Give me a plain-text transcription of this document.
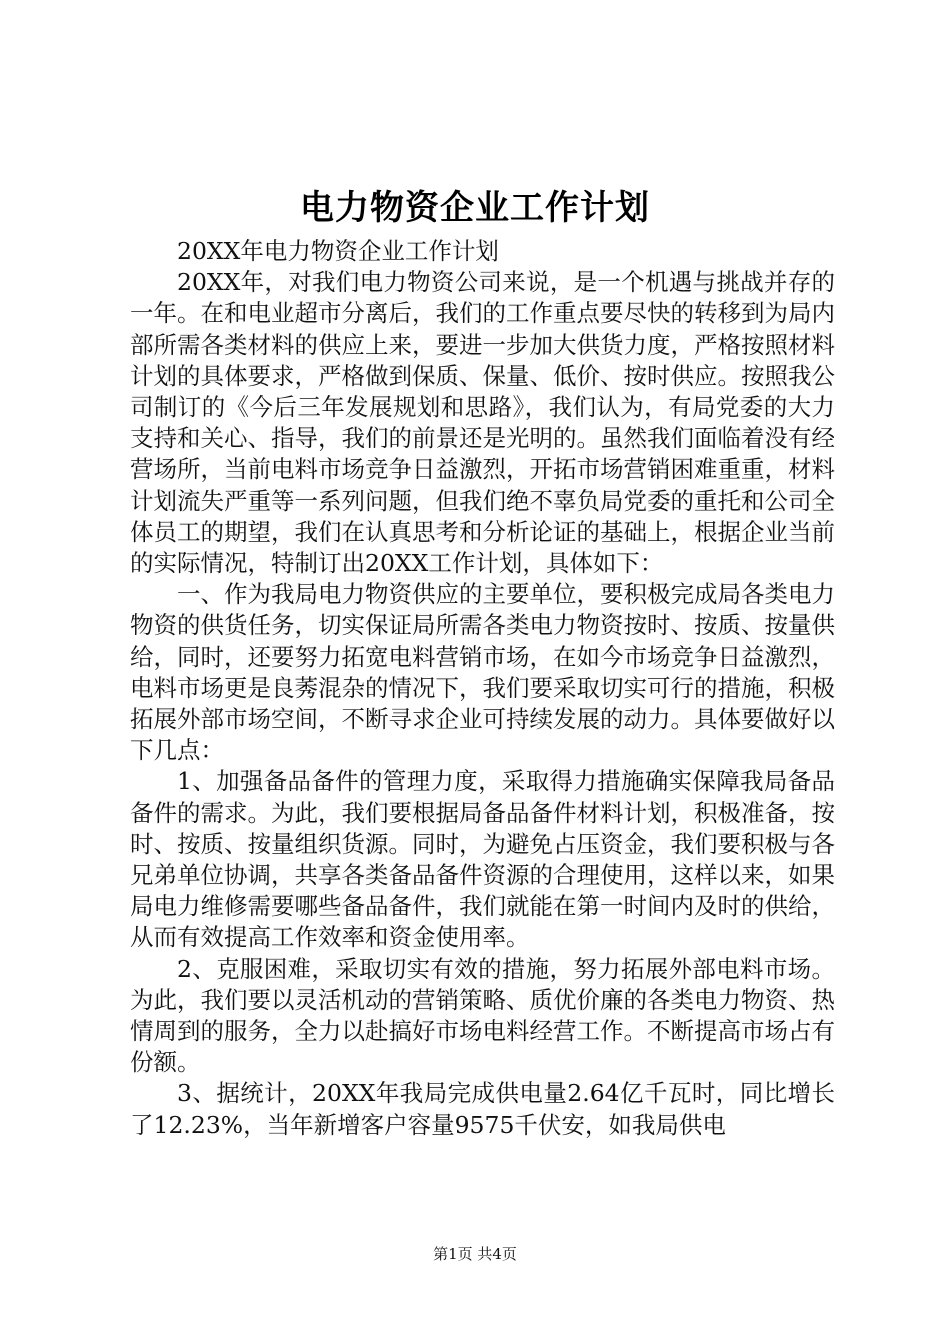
电力物资企业工作计划

20XX年电力物资企业工作计划

20XX年，对我们电力物资公司来说，是一个机遇与挑战并存的一年。在和电业超市分离后，我们的工作重点要尽快的转移到为局内部所需各类材料的供应上来，要进一步加大供货力度，严格按照材料计划的具体要求，严格做到保质、保量、低价、按时供应。按照我公司制订的《今后三年发展规划和思路》，我们认为，有局党委的大力支持和关心、指导，我们的前景还是光明的。虽然我们面临着没有经营场所，当前电料市场竞争日益激烈，开拓市场营销困难重重，材料计划流失严重等一系列问题，但我们绝不辜负局党委的重托和公司全体员工的期望，我们在认真思考和分析论证的基础上，根据企业当前的实际情况，特制订出20XX工作计划，具体如下：

一、作为我局电力物资供应的主要单位，要积极完成局各类电力物资的供货任务，切实保证局所需各类电力物资按时、按质、按量供给，同时，还要努力拓宽电料营销市场，在如今市场竞争日益激烈，电料市场更是良莠混杂的情况下，我们要采取切实可行的措施，积极拓展外部市场空间，不断寻求企业可持续发展的动力。具体要做好以下几点：

1、加强备品备件的管理力度，采取得力措施确实保障我局备品备件的需求。为此，我们要根据局备品备件材料计划，积极准备，按时、按质、按量组织货源。同时，为避免占压资金，我们要积极与各兄弟单位协调，共享各类备品备件资源的合理使用，这样以来，如果局电力维修需要哪些备品备件，我们就能在第一时间内及时的供给，从而有效提高工作效率和资金使用率。

2、克服困难，采取切实有效的措施，努力拓展外部电料市场。为此，我们要以灵活机动的营销策略、质优价廉的各类电力物资、热情周到的服务，全力以赴搞好市场电料经营工作。不断提高市场占有份额。

3、据统计，20XX年我局完成供电量2.64亿千瓦时，同比增长了12.23%，当年新增客户容量9575千伏安，如我局供电

第1页 共4页
